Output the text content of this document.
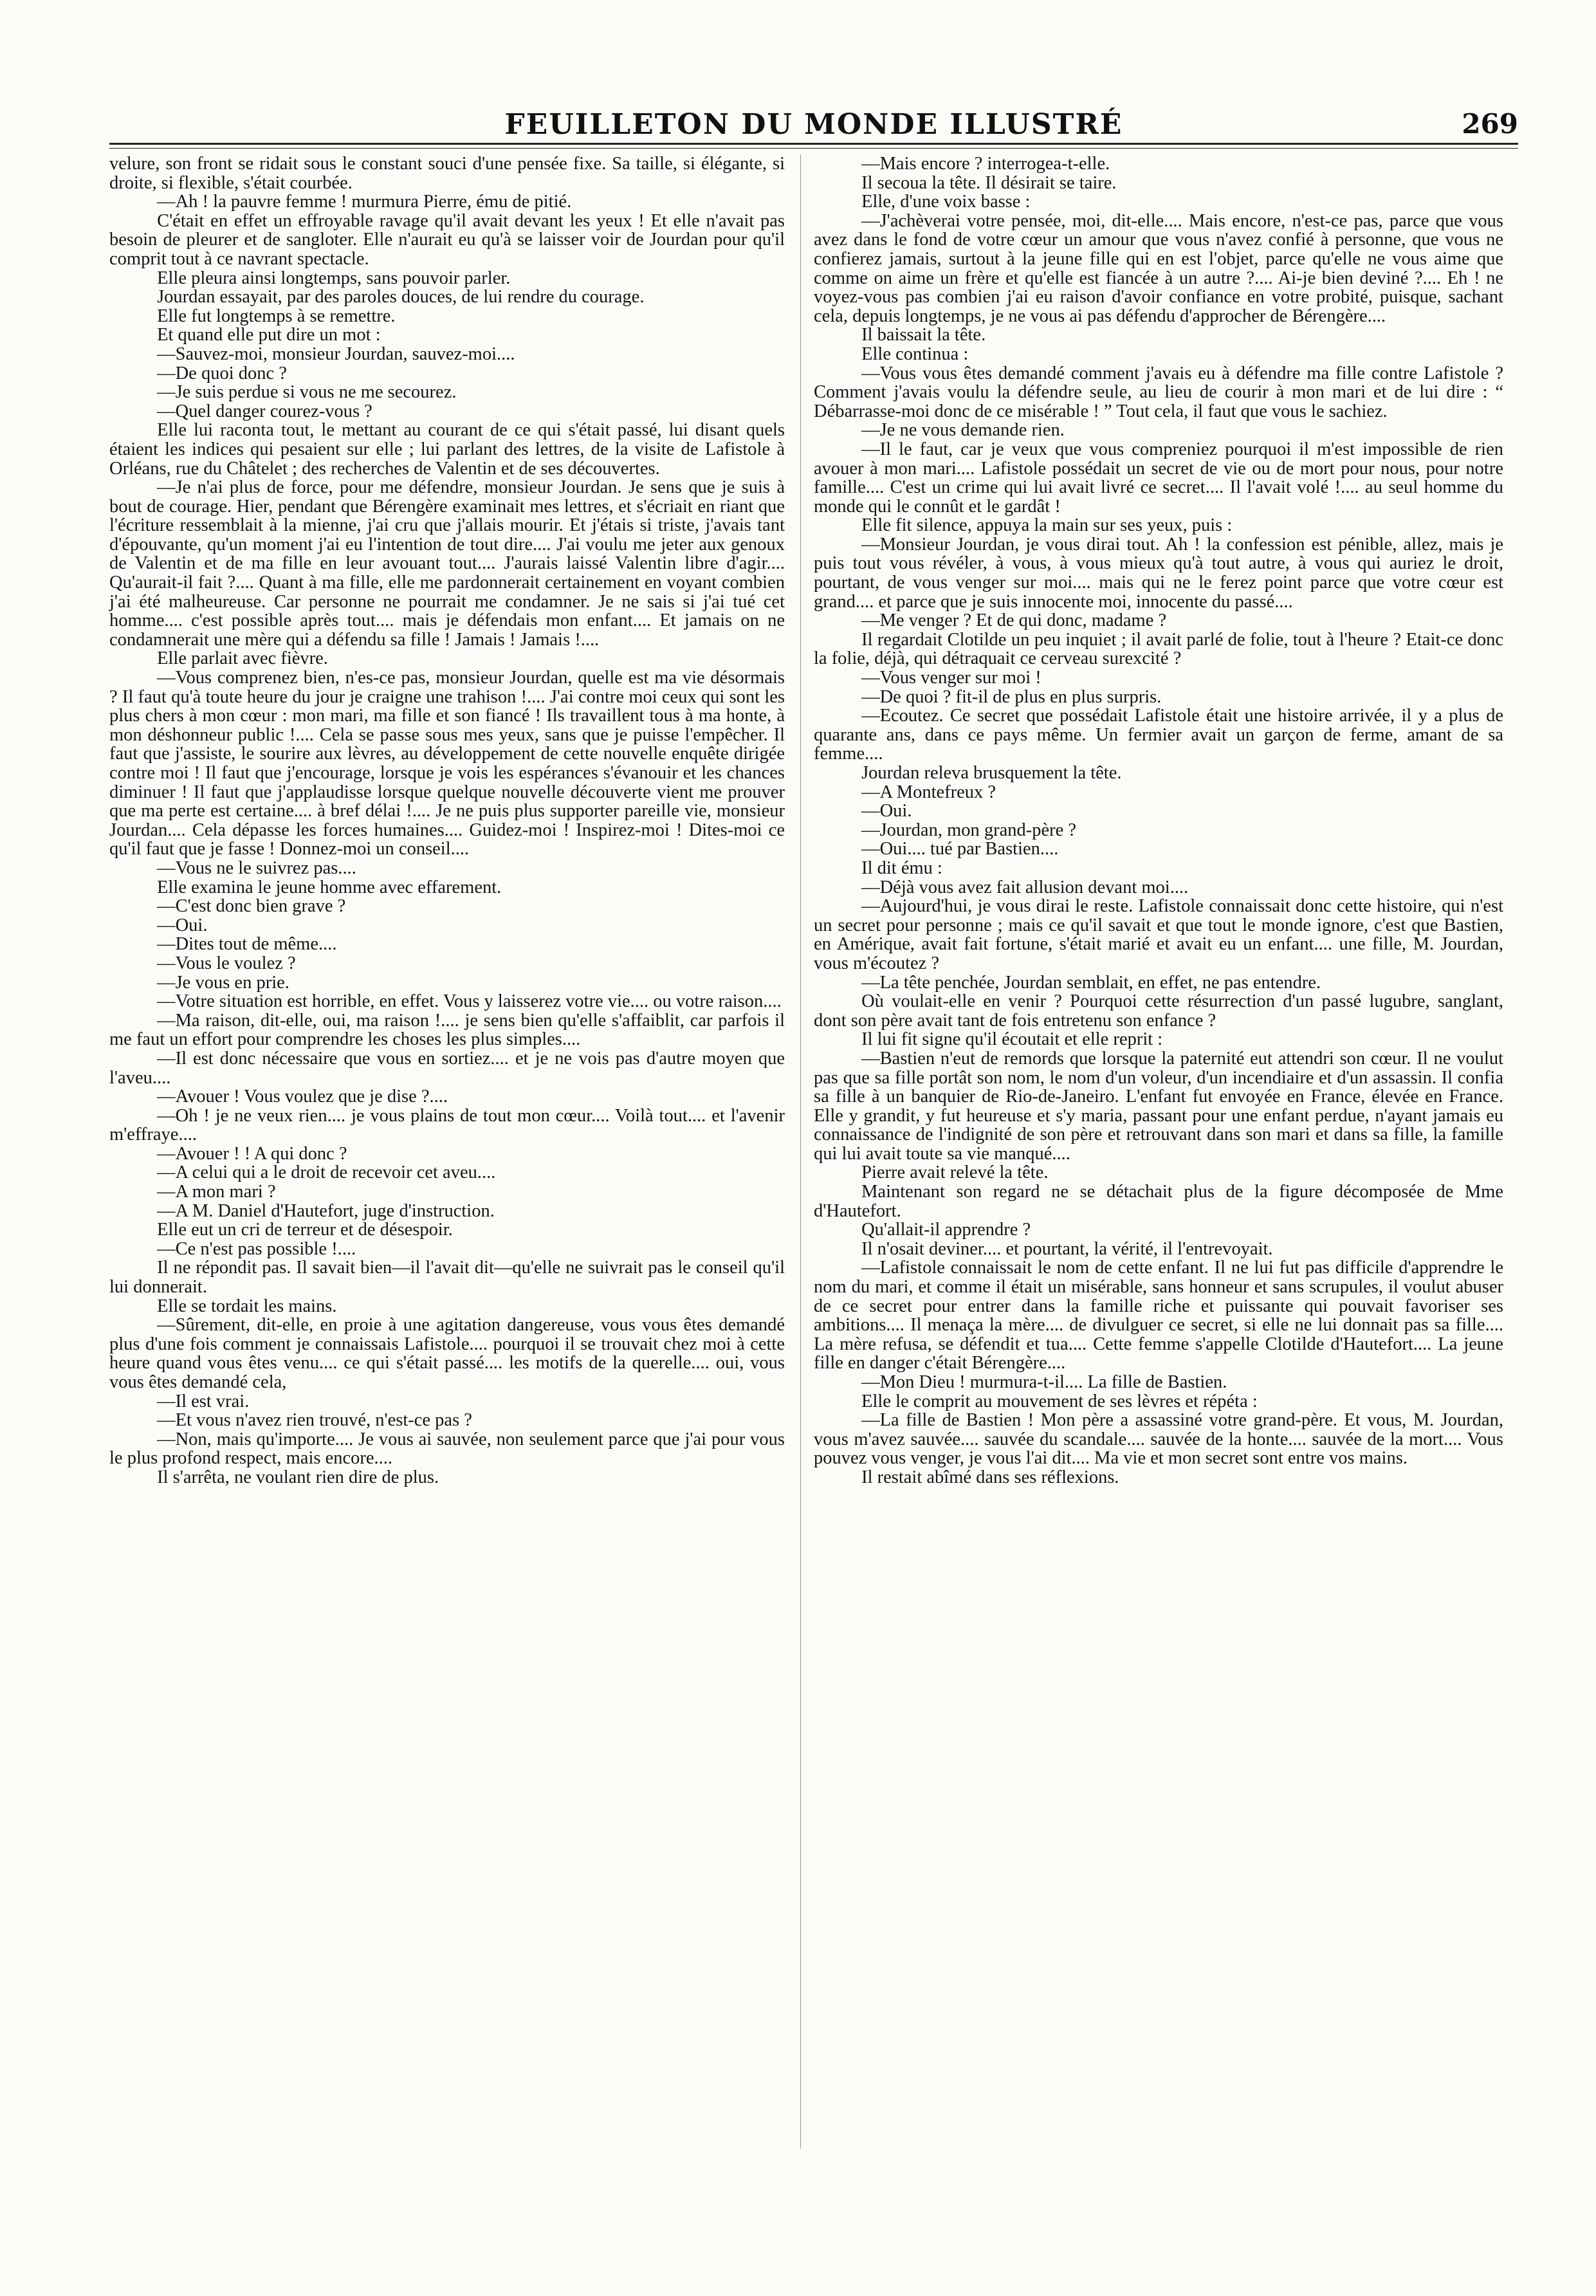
FEUILLETON DU MONDE ILLUSTRÉ	269

velure, son front se ridait sous le constant souci d'une pensée fixe. Sa taille, si élégante, si droite, si flexible, s'était courbée.

—Ah ! la pauvre femme ! murmura Pierre, ému de pitié.

C'était en effet un effroyable ravage qu'il avait devant les yeux ! Et elle n'avait pas besoin de pleurer et de sangloter. Elle n'aurait eu qu'à se laisser voir de Jourdan pour qu'il comprit tout à ce navrant spectacle.

Elle pleura ainsi longtemps, sans pouvoir parler.

Jourdan essayait, par des paroles douces, de lui rendre du courage.

Elle fut longtemps à se remettre.

Et quand elle put dire un mot :

—Sauvez-moi, monsieur Jourdan, sauvez-moi....

—De quoi donc ?

—Je suis perdue si vous ne me secourez.

—Quel danger courez-vous ?

Elle lui raconta tout, le mettant au courant de ce qui s'était passé, lui disant quels étaient les indices qui pesaient sur elle ; lui parlant des lettres, de la visite de Lafistole à Orléans, rue du Châtelet ; des recherches de Valentin et de ses découvertes.

—Je n'ai plus de force, pour me défendre, monsieur Jourdan. Je sens que je suis à bout de courage. Hier, pendant que Bérengère examinait mes lettres, et s'écriait en riant que l'écriture ressemblait à la mienne, j'ai cru que j'allais mourir. Et j'étais si triste, j'avais tant d'épouvante, qu'un moment j'ai eu l'intention de tout dire.... J'ai voulu me jeter aux genoux de Valentin et de ma fille en leur avouant tout.... J'aurais laissé Valentin libre d'agir.... Qu'aurait-il fait ?.... Quant à ma fille, elle me pardonnerait certainement en voyant combien j'ai été malheureuse. Car personne ne pourrait me condamner. Je ne sais si j'ai tué cet homme.... c'est possible après tout.... mais je défendais mon enfant.... Et jamais on ne condamnerait une mère qui a défendu sa fille ! Jamais ! Jamais !....

Elle parlait avec fièvre.

—Vous comprenez bien, n'es-ce pas, monsieur Jourdan, quelle est ma vie désormais ? Il faut qu'à toute heure du jour je craigne une trahison !.... J'ai contre moi ceux qui sont les plus chers à mon cœur : mon mari, ma fille et son fiancé ! Ils travaillent tous à ma honte, à mon déshonneur public !.... Cela se passe sous mes yeux, sans que je puisse l'empêcher. Il faut que j'assiste, le sourire aux lèvres, au développement de cette nouvelle enquête dirigée contre moi ! Il faut que j'encourage, lorsque je vois les espérances s'évanouir et les chances diminuer ! Il faut que j'applaudisse lorsque quelque nouvelle découverte vient me prouver que ma perte est certaine.... à bref délai !.... Je ne puis plus supporter pareille vie, monsieur Jourdan.... Cela dépasse les forces humaines.... Guidez-moi ! Inspirez-moi ! Dites-moi ce qu'il faut que je fasse ! Donnez-moi un conseil....

—Vous ne le suivrez pas....

Elle examina le jeune homme avec effarement.

—C'est donc bien grave ?

—Oui.

—Dites tout de même....

—Vous le voulez ?

—Je vous en prie.

—Votre situation est horrible, en effet. Vous y laisserez votre vie.... ou votre raison....

—Ma raison, dit-elle, oui, ma raison !.... je sens bien qu'elle s'affaiblit, car parfois il me faut un effort pour comprendre les choses les plus simples....

—Il est donc nécessaire que vous en sortiez.... et je ne vois pas d'autre moyen que l'aveu....

—Avouer ! Vous voulez que je dise ?....

—Oh ! je ne veux rien.... je vous plains de tout mon cœur.... Voilà tout.... et l'avenir m'effraye....

—Avouer ! ! A qui donc ?

—A celui qui a le droit de recevoir cet aveu....

—A mon mari ?

—A M. Daniel d'Hautefort, juge d'instruction.

Elle eut un cri de terreur et de désespoir.

—Ce n'est pas possible !....

Il ne répondit pas. Il savait bien—il l'avait dit—qu'elle ne suivrait pas le conseil qu'il lui donnerait.

Elle se tordait les mains.

—Sûrement, dit-elle, en proie à une agitation dangereuse, vous vous êtes demandé plus d'une fois comment je connaissais Lafistole.... pourquoi il se trouvait chez moi à cette heure quand vous êtes venu.... ce qui s'était passé.... les motifs de la querelle.... oui, vous vous êtes demandé cela,

—Il est vrai.

—Et vous n'avez rien trouvé, n'est-ce pas ?

—Non, mais qu'importe.... Je vous ai sauvée, non seulement parce que j'ai pour vous le plus profond respect, mais encore....

Il s'arrêta, ne voulant rien dire de plus.

—Mais encore ? interrogea-t-elle.

Il secoua la tête. Il désirait se taire.

Elle, d'une voix basse :

—J'achèverai votre pensée, moi, dit-elle.... Mais encore, n'est-ce pas, parce que vous avez dans le fond de votre cœur un amour que vous n'avez confié à personne, que vous ne confierez jamais, surtout à la jeune fille qui en est l'objet, parce qu'elle ne vous aime que comme on aime un frère et qu'elle est fiancée à un autre ?.... Ai-je bien deviné ?.... Eh ! ne voyez-vous pas combien j'ai eu raison d'avoir confiance en votre probité, puisque, sachant cela, depuis longtemps, je ne vous ai pas défendu d'approcher de Bérengère....

Il baissait la tête.

Elle continua :

—Vous vous êtes demandé comment j'avais eu à défendre ma fille contre Lafistole ? Comment j'avais voulu la défendre seule, au lieu de courir à mon mari et de lui dire : “ Débarrasse-moi donc de ce misérable ! ” Tout cela, il faut que vous le sachiez.

—Je ne vous demande rien.

—Il le faut, car je veux que vous compreniez pourquoi il m'est impossible de rien avouer à mon mari.... Lafistole possédait un secret de vie ou de mort pour nous, pour notre famille.... C'est un crime qui lui avait livré ce secret.... Il l'avait volé !.... au seul homme du monde qui le connût et le gardât !

Elle fit silence, appuya la main sur ses yeux, puis :

—Monsieur Jourdan, je vous dirai tout. Ah ! la confession est pénible, allez, mais je puis tout vous révéler, à vous, à vous mieux qu'à tout autre, à vous qui auriez le droit, pourtant, de vous venger sur moi.... mais qui ne le ferez point parce que votre cœur est grand.... et parce que je suis innocente moi, innocente du passé....

—Me venger ? Et de qui donc, madame ?

Il regardait Clotilde un peu inquiet ; il avait parlé de folie, tout à l'heure ? Etait-ce donc la folie, déjà, qui détraquait ce cerveau surexcité ?

—Vous venger sur moi !

—De quoi ? fit-il de plus en plus surpris.

—Ecoutez. Ce secret que possédait Lafistole était une histoire arrivée, il y a plus de quarante ans, dans ce pays même. Un fermier avait un garçon de ferme, amant de sa femme....

Jourdan releva brusquement la tête.

—A Montefreux ?

—Oui.

—Jourdan, mon grand-père ?

—Oui.... tué par Bastien....

Il dit ému :

—Déjà vous avez fait allusion devant moi....

—Aujourd'hui, je vous dirai le reste. Lafistole connaissait donc cette histoire, qui n'est un secret pour personne ; mais ce qu'il savait et que tout le monde ignore, c'est que Bastien, en Amérique, avait fait fortune, s'était marié et avait eu un enfant.... une fille, M. Jourdan, vous m'écoutez ?

—La tête penchée, Jourdan semblait, en effet, ne pas entendre.

Où voulait-elle en venir ? Pourquoi cette résurrection d'un passé lugubre, sanglant, dont son père avait tant de fois entretenu son enfance ?

Il lui fit signe qu'il écoutait et elle reprit :

—Bastien n'eut de remords que lorsque la paternité eut attendri son cœur. Il ne voulut pas que sa fille portât son nom, le nom d'un voleur, d'un incendiaire et d'un assassin. Il confia sa fille à un banquier de Rio-de-Janeiro. L'enfant fut envoyée en France, élevée en France. Elle y grandit, y fut heureuse et s'y maria, passant pour une enfant perdue, n'ayant jamais eu connaissance de l'indignité de son père et retrouvant dans son mari et dans sa fille, la famille qui lui avait toute sa vie manqué....

Pierre avait relevé la tête.

Maintenant son regard ne se détachait plus de la figure décomposée de Mme d'Hautefort.

Qu'allait-il apprendre ?

Il n'osait deviner.... et pourtant, la vérité, il l'entrevoyait.

—Lafistole connaissait le nom de cette enfant. Il ne lui fut pas difficile d'apprendre le nom du mari, et comme il était un misérable, sans honneur et sans scrupules, il voulut abuser de ce secret pour entrer dans la famille riche et puissante qui pouvait favoriser ses ambitions.... Il menaça la mère.... de divulguer ce secret, si elle ne lui donnait pas sa fille.... La mère refusa, se défendit et tua.... Cette femme s'appelle Clotilde d'Hautefort.... La jeune fille en danger c'était Bérengère....

—Mon Dieu ! murmura-t-il.... La fille de Bastien.

Elle le comprit au mouvement de ses lèvres et répéta :

—La fille de Bastien ! Mon père a assassiné votre grand-père. Et vous, M. Jourdan, vous m'avez sauvée.... sauvée du scandale.... sauvée de la honte.... sauvée de la mort.... Vous pouvez vous venger, je vous l'ai dit.... Ma vie et mon secret sont entre vos mains.

Il restait abîmé dans ses réflexions.
